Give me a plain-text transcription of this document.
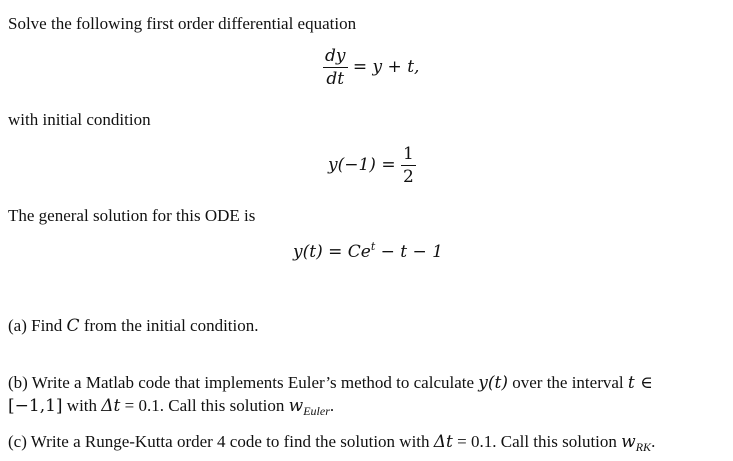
Solve the following first order differential equation
$\frac{dy}{dt} = y + t$,
with initial condition
$y(-1) = \frac{1}{2}$
The general solution for this ODE is
$y(t) = Ce^t - t - 1$
(a) Find C from the initial condition.
(b) Write a Matlab code that implements Euler’s method to calculate y(t) over the interval t ∈
[−1,1] with Δt = 0.1. Call this solution $w_{Euler}$.
(c) Write a Runge-Kutta order 4 code to find the solution with Δt = 0.1. Call this solution $w_{RK}$.
